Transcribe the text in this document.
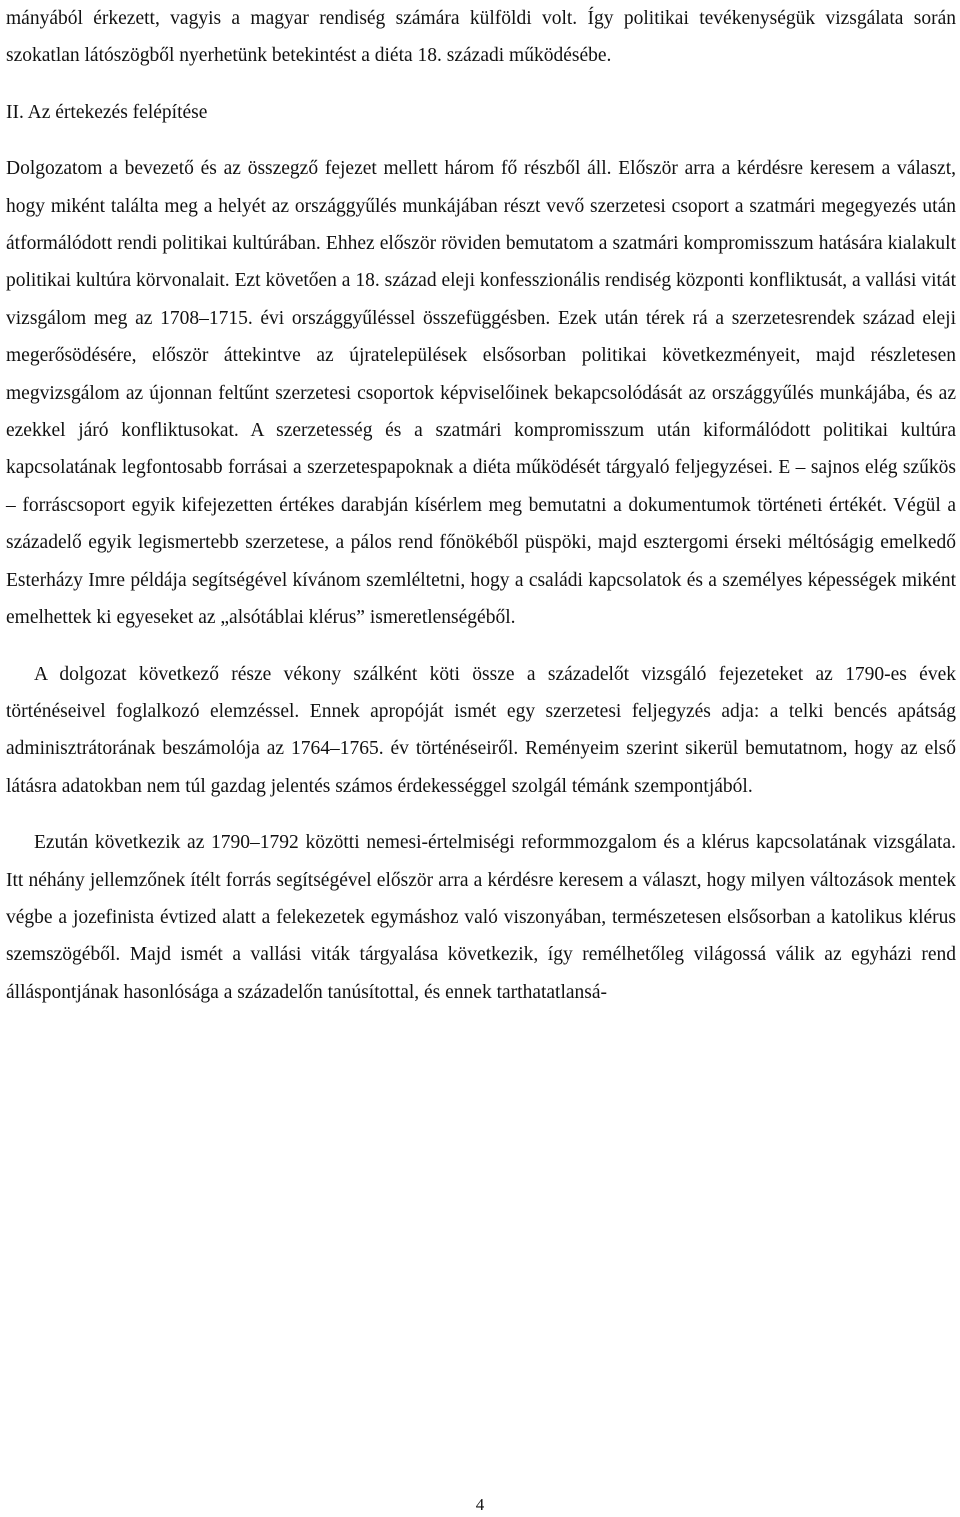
mányából érkezett, vagyis a magyar rendiség számára külföldi volt. Így politikai tevékenységük vizsgálata során szokatlan látószögből nyerhetünk betekintést a diéta 18. századi működésébe.

II. Az értekezés felépítése

Dolgozatom a bevezető és az összegző fejezet mellett három fő részből áll. Először arra a kérdésre keresem a választ, hogy miként találta meg a helyét az országgyűlés munkájában részt vevő szerzetesi csoport a szatmári megegyezés után átformálódott rendi politikai kultúrában. Ehhez először röviden bemutatom a szatmári kompromisszum hatására kialakult politikai kultúra körvonalait. Ezt követően a 18. század eleji konfesszionális rendiség központi konfliktusát, a vallási vitát vizsgálom meg az 1708–1715. évi országgyűléssel összefüggésben. Ezek után térek rá a szerzetesrendek század eleji megerősödésére, először áttekintve az újratelepülések elsősorban politikai következményeit, majd részletesen megvizsgálom az újonnan feltűnt szerzetesi csoportok képviselőinek bekapcsolódását az országgyűlés munkájába, és az ezekkel járó konfliktusokat. A szerzetesség és a szatmári kompromisszum után kiformálódott politikai kultúra kapcsolatának legfontosabb forrásai a szerzetespapoknak a diéta működését tárgyaló feljegyzései. E – sajnos elég szűkös – forráscsoport egyik kifejezetten értékes darabján kísérlem meg bemutatni a dokumentumok történeti értékét. Végül a századelő egyik legismertebb szerzetese, a pálos rend főnökéből püspöki, majd esztergomi érseki méltóságig emelkedő Esterházy Imre példája segítségével kívánom szemléltetni, hogy a családi kapcsolatok és a személyes képességek miként emelhettek ki egyeseket az „alsótáblai klérus” ismeretlenségéből.

A dolgozat következő része vékony szálként köti össze a századelőt vizsgáló fejezeteket az 1790-es évek történéseivel foglalkozó elemzéssel. Ennek apropóját ismét egy szerzetesi feljegyzés adja: a telki bencés apátság adminisztrátorának beszámolója az 1764–1765. év történéseiről. Reményeim szerint sikerül bemutatnom, hogy az első látásra adatokban nem túl gazdag jelentés számos érdekességgel szolgál témánk szempontjából.

Ezután következik az 1790–1792 közötti nemesi-értelmiségi reformmozgalom és a klérus kapcsolatának vizsgálata. Itt néhány jellemzőnek ítélt forrás segítségével először arra a kérdésre keresem a választ, hogy milyen változások mentek végbe a jozefinista évtized alatt a felekezetek egymáshoz való viszonyában, természetesen elsősorban a katolikus klérus szemszögéből. Majd ismét a vallási viták tárgyalása következik, így remélhetőleg világossá válik az egyházi rend álláspontjának hasonlósága a századelőn tanúsítottal, és ennek tarthatatlansá-

4
